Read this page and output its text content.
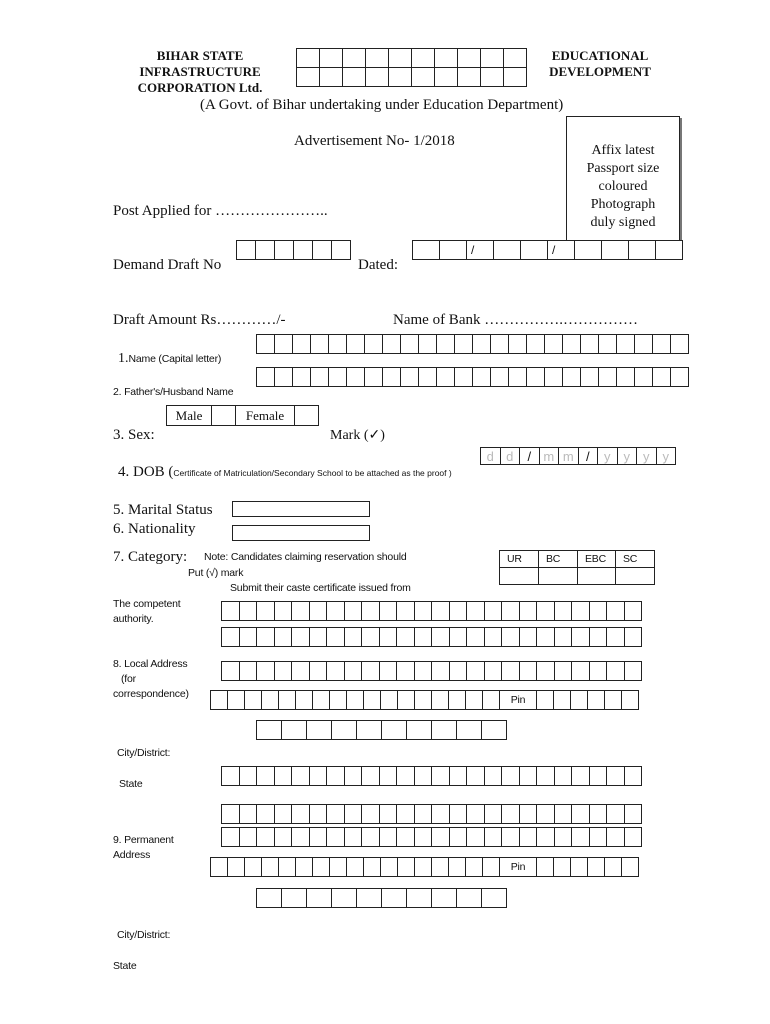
BIHAR STATE
INFRASTRUCTURE
CORPORATION Ltd.
EDUCATIONAL
DEVELOPMENT
(A Govt. of Bihar undertaking under Education Department)
Advertisement No- 1/2018
Affix latest
Passport size
coloured
Photograph
duly signed
Post Applied for …………………..
Demand Draft No	Dated:
/	/
Draft Amount Rs…………/-	Name of Bank …………….……………
1.Name (Capital letter)
2. Father's/Husband Name
Male	Female
3. Sex:	Mark (✓)
d d	/ m m /	y	y	y	y
4. DOB (Certificate of Matriculation/Secondary School to be attached as the proof )
5. Marital Status
6. Nationality
7. Category: Note: Candidates claiming reservation should
Put (√) mark
Submit their caste certificate issued from
UR	BC	EBC	SC
The competent
authority.
8. Local Address
(for
correspondence)	Pin
City/District:
State
9. Permanent
Address
Pin
City/District:
State
